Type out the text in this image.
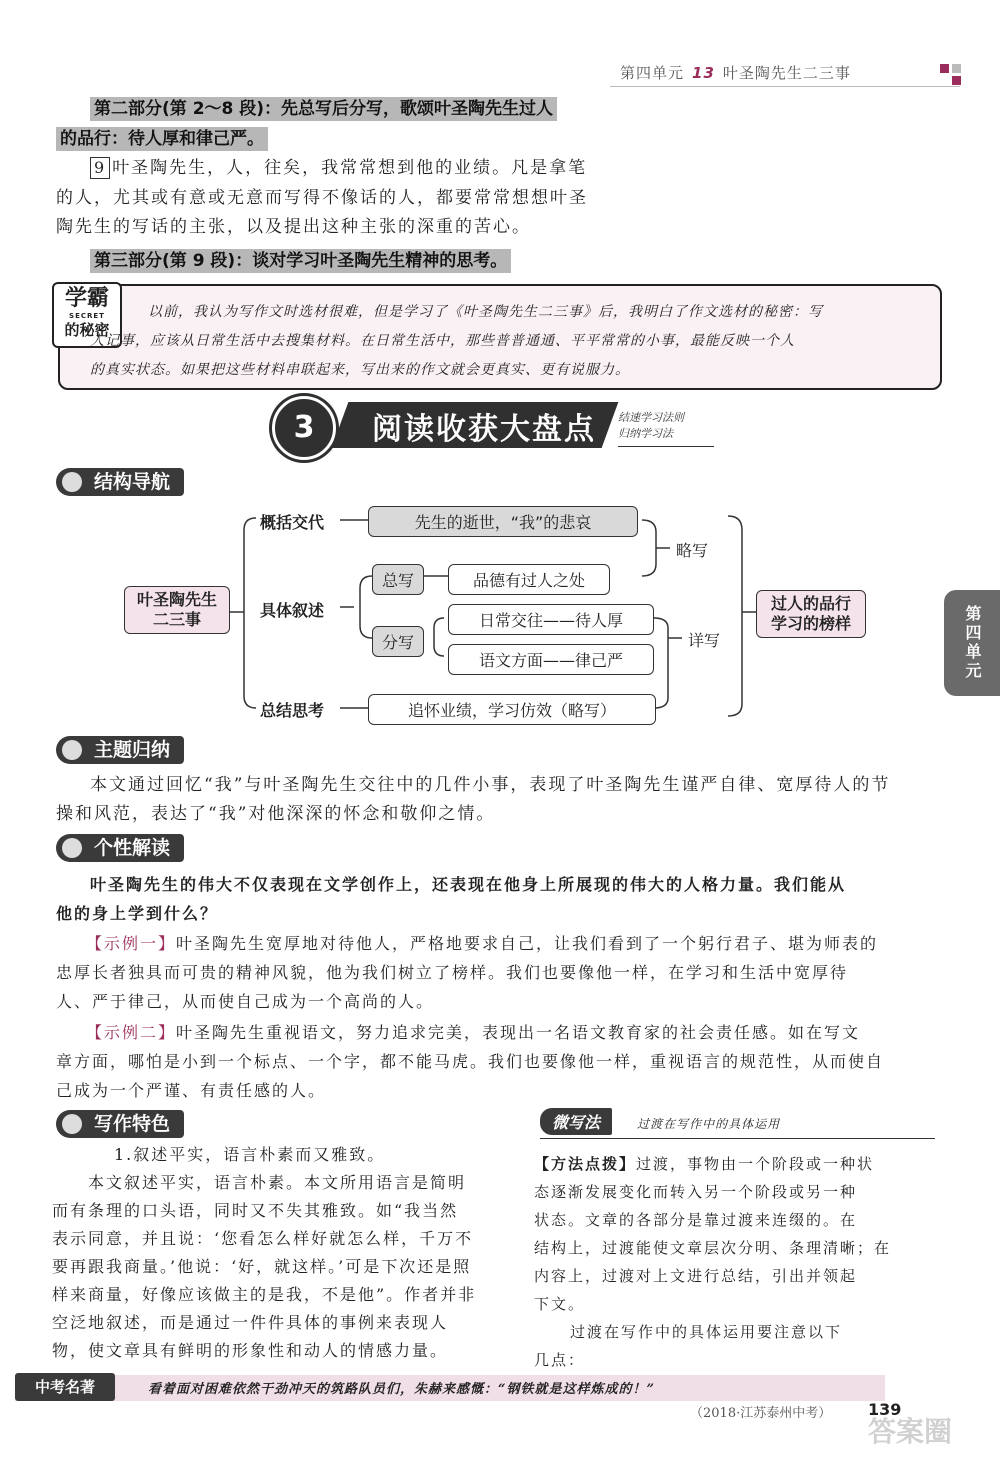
第四单元 13 叶圣陶先生二三事
第二部分(第 2～8 段)：先总写后分写，歌颂叶圣陶先生过人
的品行：待人厚和律己严。
9 叶圣陶先生，人，往矣，我常常想到他的业绩。凡是拿笔
的人，尤其或有意或无意而写得不像话的人，都要常常想想叶圣
陶先生的写话的主张，以及提出这种主张的深重的苦心。
第三部分(第 9 段)：谈对学习叶圣陶先生精神的思考。
学霸
SECRET
的秘密
以前，我认为写作文时选材很难，但是学习了《叶圣陶先生二三事》后，我明白了作文选材的秘密：写
人记事，应该从日常生活中去搜集材料。在日常生活中，那些普普通通、平平常常的小事，最能反映一个人
的真实状态。如果把这些材料串联起来，写出来的作文就会更真实、更有说服力。
3	阅读收获大盘点 结速学习法则
归纳学习法
结构导航
叶圣陶先生
二三事
概括交代
具体叙述
总结思考
先生的逝世，“我”的悲哀
总写	品德有过人之处
分写
日常交往——待人厚
语文方面——律己严
追怀业绩，学习仿效（略写）
略写
详写
过人的品行
学习的榜样	第四单元
主题归纳
本文通过回忆“我”与叶圣陶先生交往中的几件小事，表现了叶圣陶先生谨严自律、宽厚待人的节
操和风范，表达了“我”对他深深的怀念和敬仰之情。
个性解读
叶圣陶先生的伟大不仅表现在文学创作上，还表现在他身上所展现的伟大的人格力量。我们能从
他的身上学到什么？
【示例一】叶圣陶先生宽厚地对待他人，严格地要求自己，让我们看到了一个躬行君子、堪为师表的
忠厚长者独具而可贵的精神风貌，他为我们树立了榜样。我们也要像他一样，在学习和生活中宽厚待
人、严于律己，从而使自己成为一个高尚的人。
【示例二】叶圣陶先生重视语文，努力追求完美，表现出一名语文教育家的社会责任感。如在写文
章方面，哪怕是小到一个标点、一个字，都不能马虎。我们也要像他一样，重视语言的规范性，从而使自
己成为一个严谨、有责任感的人。
写作特色
1.叙述平实，语言朴素而又雅致。
本文叙述平实，语言朴素。本文所用语言是简明
而有条理的口头语，同时又不失其雅致。如“我当然
表示同意，并且说：‘您看怎么样好就怎么样，千万不
要再跟我商量。’他说：‘好，就这样。’可是下次还是照
样来商量，好像应该做主的是我，不是他”。作者并非
空泛地叙述，而是通过一件件具体的事例来表现人
物，使文章具有鲜明的形象性和动人的情感力量。
微写法	过渡在写作中的具体运用
【方法点拨】过渡，事物由一个阶段或一种状
态逐渐发展变化而转入另一个阶段或另一种
状态。文章的各部分是靠过渡来连缀的。在
结构上，过渡能使文章层次分明、条理清晰；在
内容上，过渡对上文进行总结，引出并领起
下文。
过渡在写作中的具体运用要注意以下
几点：
中考名著	看着面对困难依然干劲冲天的筑路队员们，朱赫来感慨：“钢铁就是这样炼成的！”
（2018·江苏泰州中考） 139
答案圈
